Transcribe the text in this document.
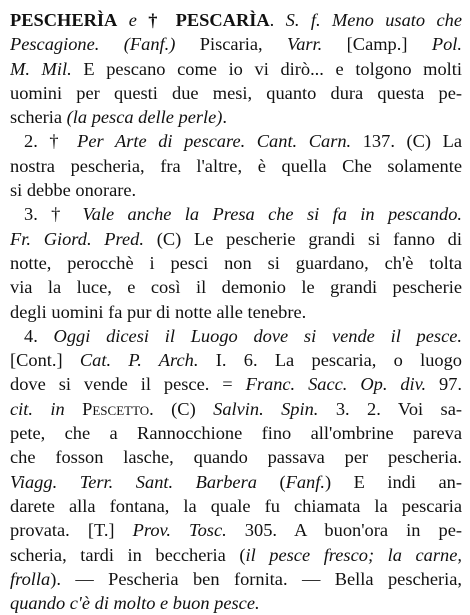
PESCHERÌA e † PESCARÌA. S. f. Meno usato che
Pescagione. (Fanf.) Piscaria, Varr. [Camp.] Pol.
M. Mil. E pescano come io vi dirò... e tolgono molti
uomini per questi due mesi, quanto dura questa pe-
scheria (la pesca delle perle).
2. † Per Arte di pescare. Cant. Carn. 137. (C) La
nostra pescheria, fra l'altre, è quella Che solamente
si debbe onorare.
3. † Vale anche la Presa che si fa in pescando.
Fr. Giord. Pred. (C) Le pescherie grandi si fanno di
notte, perocchè i pesci non si guardano, ch'è tolta
via la luce, e così il demonio le grandi pescherie
degli uomini fa pur di notte alle tenebre.
4. Oggi dicesi il Luogo dove si vende il pesce.
[Cont.] Cat. P. Arch. I. 6. La pescaria, o luogo
dove si vende il pesce. = Franc. Sacc. Op. div. 97.
cit. in Pescetto. (C) Salvin. Spin. 3. 2. Voi sa-
pete, che a Rannocchione fino all'ombrine pareva
che fosson lasche, quando passava per pescheria.
Viagg. Terr. Sant. Barbera (Fanf.) E indi an-
darete alla fontana, la quale fu chiamata la pescaria
provata. [T.] Prov. Tosc. 305. A buon'ora in pe-
scheria, tardi in beccheria (il pesce fresco; la carne,
frolla). — Pescheria ben fornita. — Bella pescheria,
quando c'è di molto e buon pesce.
